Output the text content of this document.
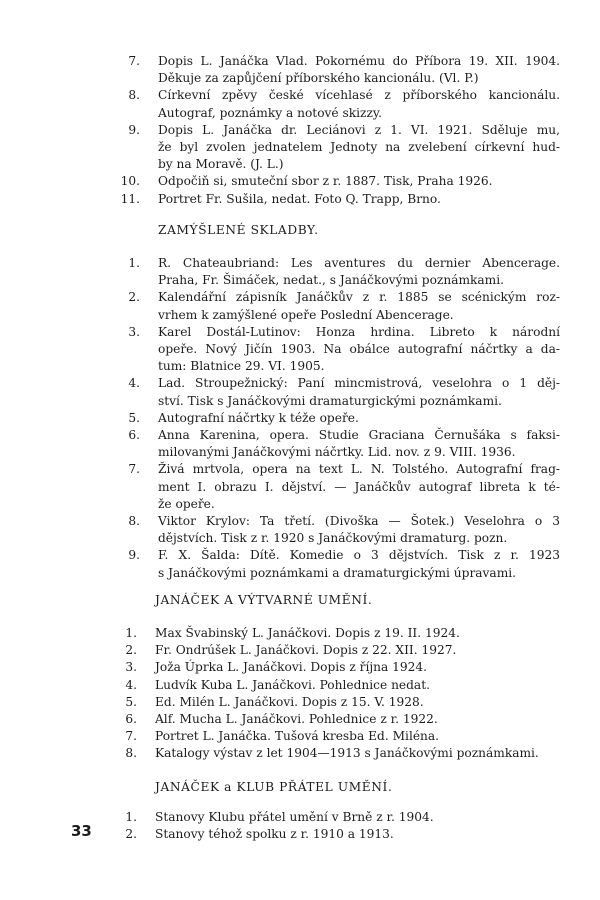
7. Dopis L. Janáčka Vlad. Pokornému do Příbora 19. XII. 1904.
Děkuje za zapůjčení příborského kancionálu. (Vl. P.)
8. Církevní zpěvy české vícehlasé z příborského kancionálu.
Autograf, poznámky a notové skizzy.
9. Dopis L. Janáčka dr. Leciánovi z 1. VI. 1921. Sděluje mu,
že byl zvolen jednatelem Jednoty na zvelebení církevní hud-
by na Moravě. (J. L.)
10. Odpočiň si, smuteční sbor z r. 1887. Tisk, Praha 1926.
11. Portret Fr. Sušila, nedat. Foto Q. Trapp, Brno.
ZAMÝŠLENÉ SKLADBY.
1. R. Chateaubriand: Les aventures du dernier Abencerage.
Praha, Fr. Šimáček, nedat., s Janáčkovými poznámkami.
2. Kalendářní zápisník Janáčkův z r. 1885 se scénickým roz-
vrhem k zamýšlené opeře Poslední Abencerage.
3. Karel Dostál-Lutinov: Honza hrdina. Libreto k národní
opeře. Nový Jičín 1903. Na obálce autografní náčrtky a da-
tum: Blatnice 29. VI. 1905.
4. Lad. Stroupežnický: Paní mincmistrová, veselohra o 1 děj-
ství. Tisk s Janáčkovými dramaturgickými poznámkami.
5. Autografní náčrtky k téže opeře.
6. Anna Karenina, opera. Studie Graciana Černušáka s faksi-
milovanými Janáčkovými náčrtky. Lid. nov. z 9. VIII. 1936.
7. Živá mrtvola, opera na text L. N. Tolstého. Autografní frag-
ment I. obrazu I. dějství. — Janáčkův autograf libreta k té-
že opeře.
8. Viktor Krylov: Ta třetí. (Divoška — Šotek.) Veselohra o 3
dějstvích. Tisk z r. 1920 s Janáčkovými dramaturg. pozn.
9. F. X. Šalda: Dítě. Komedie o 3 dějstvích. Tisk z r. 1923
s Janáčkovými poznámkami a dramaturgickými úpravami.
JANÁČEK A VÝTVARNÉ UMĚNÍ.
1. Max Švabinský L. Janáčkovi. Dopis z 19. II. 1924.
2. Fr. Ondrúšek L. Janáčkovi. Dopis z 22. XII. 1927.
3. Joža Úprka L. Janáčkovi. Dopis z října 1924.
4. Ludvík Kuba L. Janáčkovi. Pohlednice nedat.
5. Ed. Milén L. Janáčkovi. Dopis z 15. V. 1928.
6. Alf. Mucha L. Janáčkovi. Pohlednice z r. 1922.
7. Portret L. Janáčka. Tušová kresba Ed. Miléna.
8. Katalogy výstav z let 1904—1913 s Janáčkovými poznámkami.
JANÁČEK a KLUB PŘÁTEL UMĚNÍ.
1. Stanovy Klubu přátel umění v Brně z r. 1904.
2. Stanovy téhož spolku z r. 1910 a 1913.
33
